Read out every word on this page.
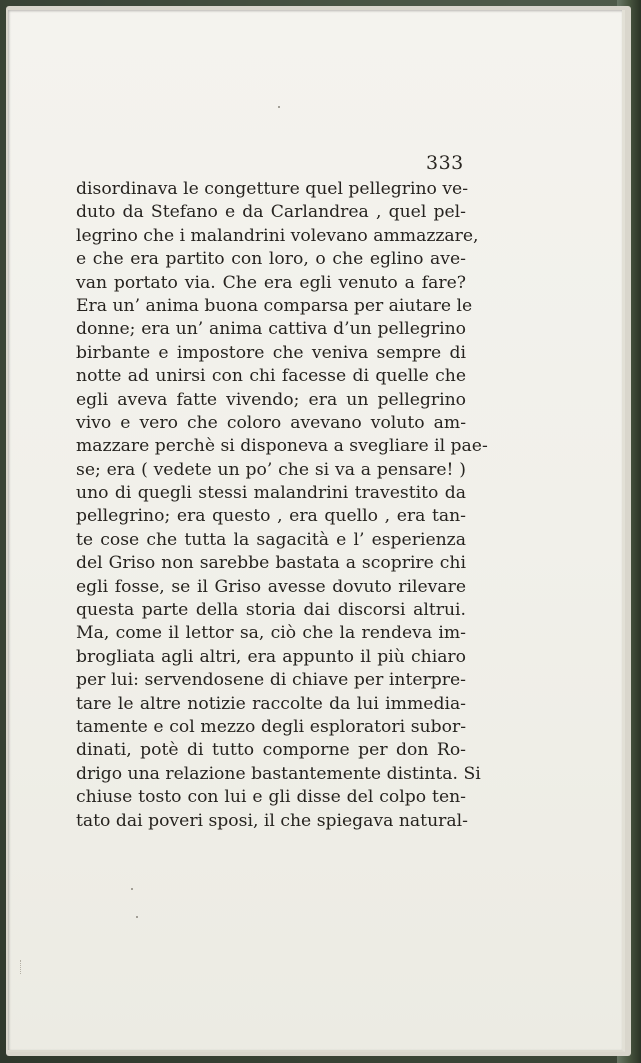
333
disordinava le congetture quel pellegrino ve-
duto da Stefano e da Carlandrea , quel pel-
legrino che i malandrini volevano ammazzare,
e che era partito con loro, o che eglino ave-
van portato via. Che era egli venuto a fare?
Era un’ anima buona comparsa per aiutare le
donne; era un’ anima cattiva d’un pellegrino
birbante e impostore che veniva sempre di
notte ad unirsi con chi facesse di quelle che
egli aveva fatte vivendo; era un pellegrino
vivo e vero che coloro avevano voluto am-
mazzare perchè si disponeva a svegliare il pae-
se; era ( vedete un po’ che si va a pensare! )
uno di quegli stessi malandrini travestito da
pellegrino; era questo , era quello , era tan-
te cose che tutta la sagacità e l’ esperienza
del Griso non sarebbe bastata a scoprire chi
egli fosse, se il Griso avesse dovuto rilevare
questa parte della storia dai discorsi altrui.
Ma, come il lettor sa, ciò che la rendeva im-
brogliata agli altri, era appunto il più chiaro
per lui: servendosene di chiave per interpre-
tare le altre notizie raccolte da lui immedia-
tamente e col mezzo degli esploratori subor-
dinati, potè di tutto comporne per don Ro-
drigo una relazione bastantemente distinta. Si
chiuse tosto con lui e gli disse del colpo ten-
tato dai poveri sposi, il che spiegava natural-
